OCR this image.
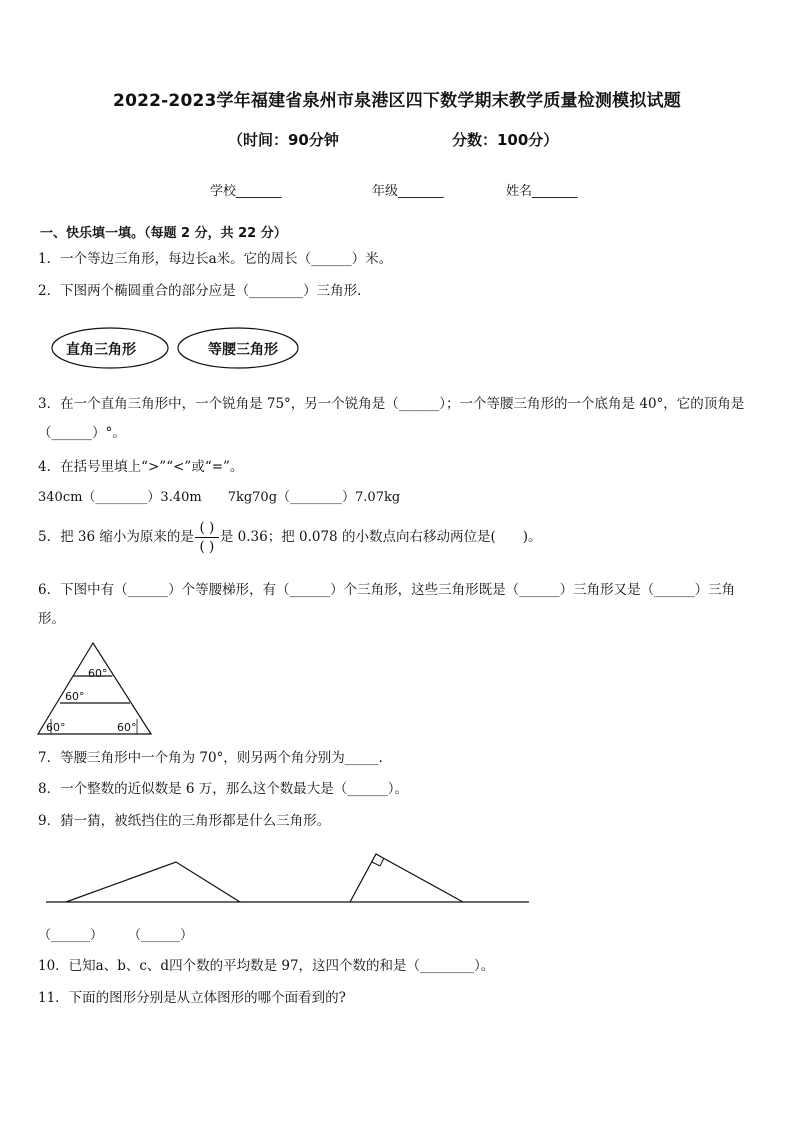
2022-2023学年福建省泉州市泉港区四下数学期末教学质量检测模拟试题
（时间：90分钟	分数：100分）
学校_______	年级_______	姓名_______
一、快乐填一填。（每题 2 分，共 22 分）
1．一个等边三角形，每边长a米。它的周长（______）米。
2．下图两个椭圆重合的部分应是（________）三角形.
直角三角形	等腰三角形
3．在一个直角三角形中，一个锐角是 75°，另一个锐角是（______）；一个等腰三角形的一个底角是 40°，它的顶角是（______）°。
4．在括号里填上“>”“<”或“=”。
340cm（________）3.40m　　7kg70g（________）7.07kg
5．把 36 缩小为原来的是 $\frac{( )}{( )}$ 是 0.36；把 0.078 的小数点向右移动两位是(　　)。
6．下图中有（______）个等腰梯形，有（______）个三角形，这些三角形既是（______）三角形又是（______）三角形。
60°
60°
60°	60°
7．等腰三角形中一个角为 70°，则另两个角分别为_____.
8．一个整数的近似数是 6 万，那么这个数最大是（______）。
9．猜一猜，被纸挡住的三角形都是什么三角形。
（______） （______）
10．已知a、b、c、d四个数的平均数是 97，这四个数的和是（________）。
11．下面的图形分别是从立体图形的哪个面看到的?
